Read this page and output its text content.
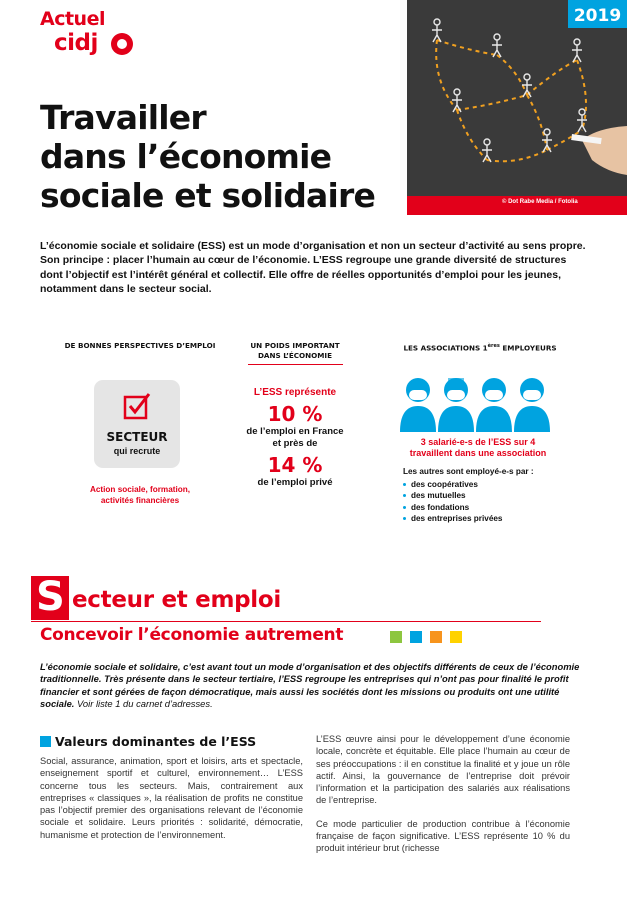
Actuel
cidj
© Dot Rabe Media / Fotolia
2019
Travailler
dans l’économie
sociale et solidaire

L’économie sociale et solidaire (ESS) est un mode d’organisation et non un secteur d’activité au sens propre. Son principe : placer l’humain au cœur de l’économie. L’ESS regroupe une grande diversité de structures dont l’objectif est l’intérêt général et collectif. Elle offre de réelles opportunités d’emploi pour les jeunes, notamment dans le secteur social.

DE BONNES PERSPECTIVES D’EMPLOI
SECTEUR
qui recrute
Action sociale, formation,
activités financières
UN POIDS IMPORTANT
DANS L’ÉCONOMIE
L’ESS représente
10 %
de l’emploi en France
et près de
14 %
de l’emploi privé
LES ASSOCIATIONS 1ères EMPLOYEURS
3 salarié-e-s de l’ESS sur 4
travaillent dans une association
Les autres sont employé-e-s par :
des coopératives
des mutuelles
des fondations
des entreprises privées
S ecteur et emploi
Concevoir l’économie autrement

L’économie sociale et solidaire, c’est avant tout un mode d’organisation et des objectifs différents de ceux de l’économie traditionnelle. Très présente dans le secteur tertiaire, l’ESS regroupe les entreprises qui n’ont pas pour finalité le profit financier et sont gérées de façon démocratique, mais aussi les sociétés dont les missions ou produits ont une utilité sociale. Voir liste 1 du carnet d’adresses.

Valeurs dominantes de l’ESS

Social, assurance, animation, sport et loisirs, arts et spectacle, enseignement sportif et culturel, environnement… L’ESS concerne tous les secteurs. Mais, contrairement aux entreprises « classiques », la réalisation de profits ne constitue pas l’objectif premier des organisations relevant de l’économie sociale et solidaire. Leurs priorités : solidarité, démocratie, humanisme et protection de l’environnement.

L’ESS œuvre ainsi pour le développement d’une économie locale, concrète et équitable. Elle place l’humain au cœur de ses préoccupations : il en constitue la finalité et y joue un rôle actif. Ainsi, la gouvernance de l’entreprise doit prévoir l’information et la participation des salariés aux réalisations de l’entreprise.

Ce mode particulier de production contribue à l’économie française de façon significative. L’ESS représente 10 % du produit intérieur brut (richesse
